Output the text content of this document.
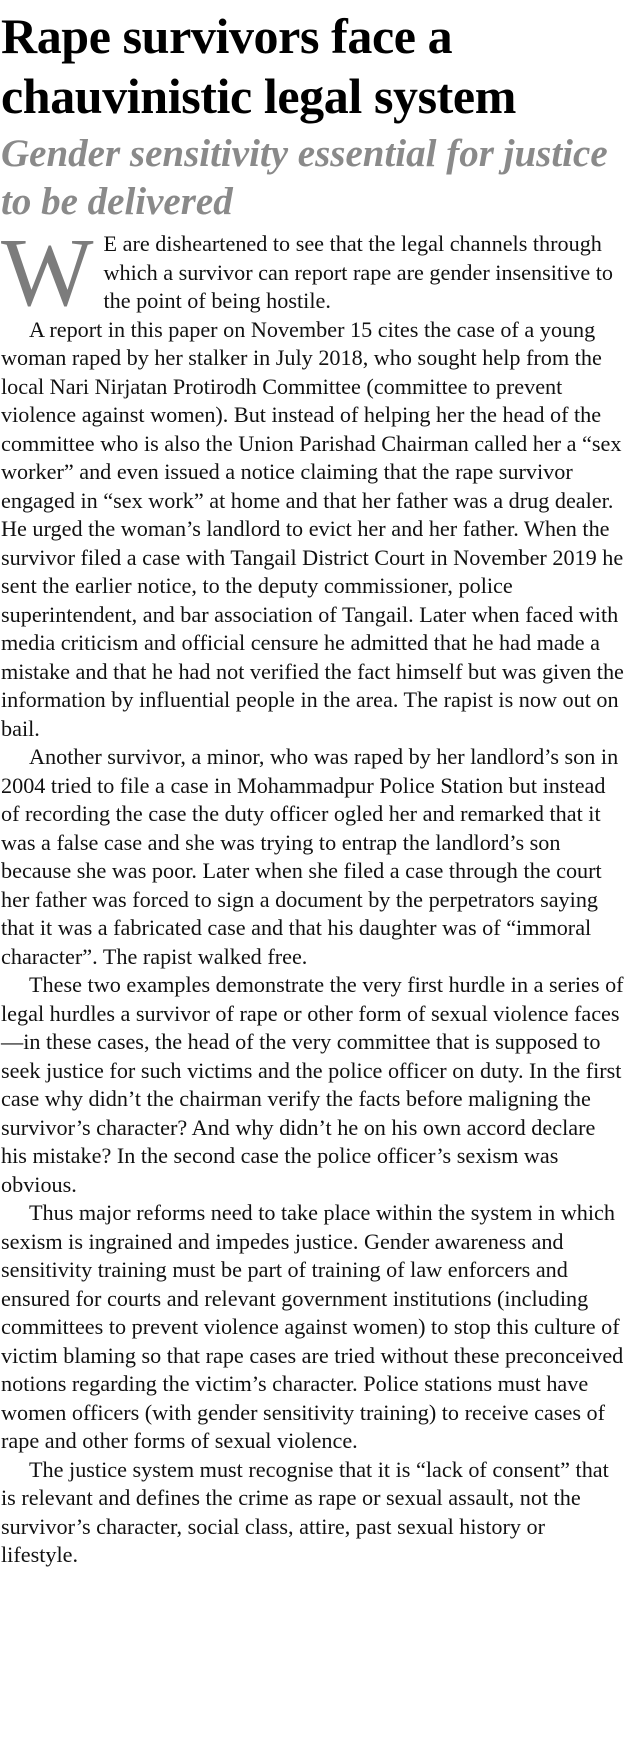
Rape survivors face a chauvinistic legal system
Gender sensitivity essential for justice to be delivered

W E are disheartened to see that the legal channels through which a survivor can report rape are gender insensitive to the point of being hostile.

A report in this paper on November 15 cites the case of a young woman raped by her stalker in July 2018, who sought help from the local Nari Nirjatan Protirodh Committee (committee to prevent violence against women). But instead of helping her the head of the committee who is also the Union Parishad Chairman called her a “sex worker” and even issued a notice claiming that the rape survivor engaged in “sex work” at home and that her father was a drug dealer. He urged the woman’s landlord to evict her and her father. When the survivor filed a case with Tangail District Court in November 2019 he sent the earlier notice, to the deputy commissioner, police superintendent, and bar association of Tangail. Later when faced with media criticism and official censure he admitted that he had made a mistake and that he had not verified the fact himself but was given the information by influential people in the area. The rapist is now out on bail.

Another survivor, a minor, who was raped by her landlord’s son in 2004 tried to file a case in Mohammadpur Police Station but instead of recording the case the duty officer ogled her and remarked that it was a false case and she was trying to entrap the landlord’s son because she was poor. Later when she filed a case through the court her father was forced to sign a document by the perpetrators saying that it was a fabricated case and that his daughter was of “immoral character”. The rapist walked free.

These two examples demonstrate the very first hurdle in a series of legal hurdles a survivor of rape or other form of sexual violence faces—in these cases, the head of the very committee that is supposed to seek justice for such victims and the police officer on duty. In the first case why didn’t the chairman verify the facts before maligning the survivor’s character? And why didn’t he on his own accord declare his mistake? In the second case the police officer’s sexism was obvious.

Thus major reforms need to take place within the system in which sexism is ingrained and impedes justice. Gender awareness and sensitivity training must be part of training of law enforcers and ensured for courts and relevant government institutions (including committees to prevent violence against women) to stop this culture of victim blaming so that rape cases are tried without these preconceived notions regarding the victim’s character. Police stations must have women officers (with gender sensitivity training) to receive cases of rape and other forms of sexual violence.

The justice system must recognise that it is “lack of consent” that is relevant and defines the crime as rape or sexual assault, not the survivor’s character, social class, attire, past sexual history or lifestyle.
